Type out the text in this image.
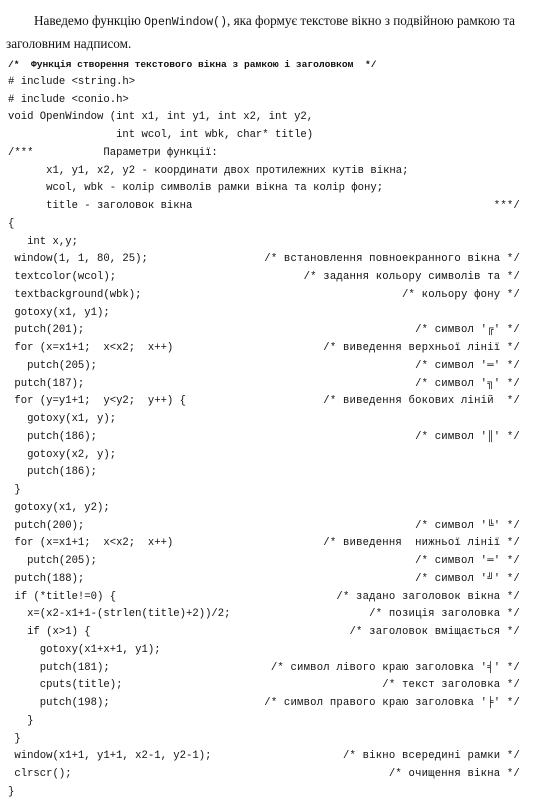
Наведемо функцію OpenWindow(), яка формує текстове вікно з подвійною рамкою та заголовним надписом.

/*  Функція створення текстового вікна з рамкою і заголовком  */
# include <string.h>
# include <conio.h>
void OpenWindow (int x1, int y1, int x2, int y2,
int wcol, int wbk, char* title)
/***           Параметри функції:
x1, y1, x2, y2 - координати двох протилежних кутів вікна;
wcol, wbk - колір символів рамки вікна та колір фону;
title - заголовок вікна	***/
{
int x,y;
window(1, 1, 80, 25);	/* встановлення повноекранного вікна */
textcolor(wcol);	/* задання кольору символів та */
textbackground(wbk);	/* кольору фону */
gotoxy(x1, y1);
putch(201);	/* символ '╔' */
for (x=x1+1;  x<x2;  x++)	/* виведення верхньої лінії */
putch(205);	/* символ '═' */
putch(187);	/* символ '╗' */
for (y=y1+1;  y<y2;  y++) {	/* виведення бокових ліній  */
gotoxy(x1, y);
putch(186);	/* символ '║' */
gotoxy(x2, y);
putch(186);
}
gotoxy(x1, y2);
putch(200);	/* символ '╚' */
for (x=x1+1;  x<x2;  x++)	/* виведення  нижньої лінії */
putch(205);	/* символ '═' */
putch(188);	/* символ '╝' */
if (*title!=0) {	/* задано заголовок вікна */
x=(x2-x1+1-(strlen(title)+2))/2;	/* позиція заголовка */
if (x>1) {	/* заголовок вміщається */
gotoxy(x1+x+1, y1);
putch(181);	/* символ лівого краю заголовка '╡' */
cputs(title);	/* текст заголовка */
putch(198);	/* символ правого краю заголовка '╞' */
}
}
window(x1+1, y1+1, x2-1, y2-1);	/* вікно всередині рамки */
clrscr();	/* очищення вікна */
}
